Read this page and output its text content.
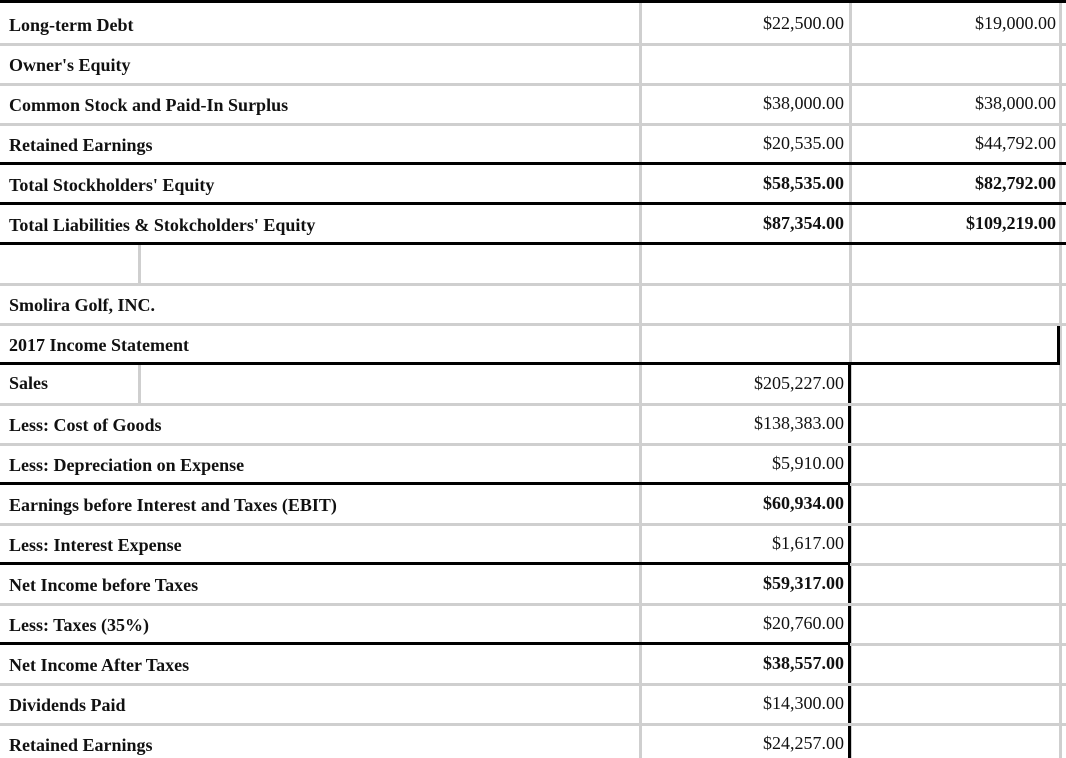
Long-term Debt	$22,500.00	$19,000.00
Owner's Equity
Common Stock and Paid-In Surplus	$38,000.00	$38,000.00
Retained Earnings	$20,535.00	$44,792.00
Total Stockholders' Equity	$58,535.00	$82,792.00
Total Liabilities & Stokcholders' Equity	$87,354.00	$109,219.00
Smolira Golf, INC.
2017 Income Statement
Sales	$205,227.00
Less: Cost of Goods	$138,383.00
Less: Depreciation on Expense	$5,910.00
Earnings before Interest and Taxes (EBIT)	$60,934.00
Less: Interest Expense	$1,617.00
Net Income before Taxes	$59,317.00
Less: Taxes (35%)	$20,760.00
Net Income After Taxes	$38,557.00
Dividends Paid	$14,300.00
Retained Earnings	$24,257.00
